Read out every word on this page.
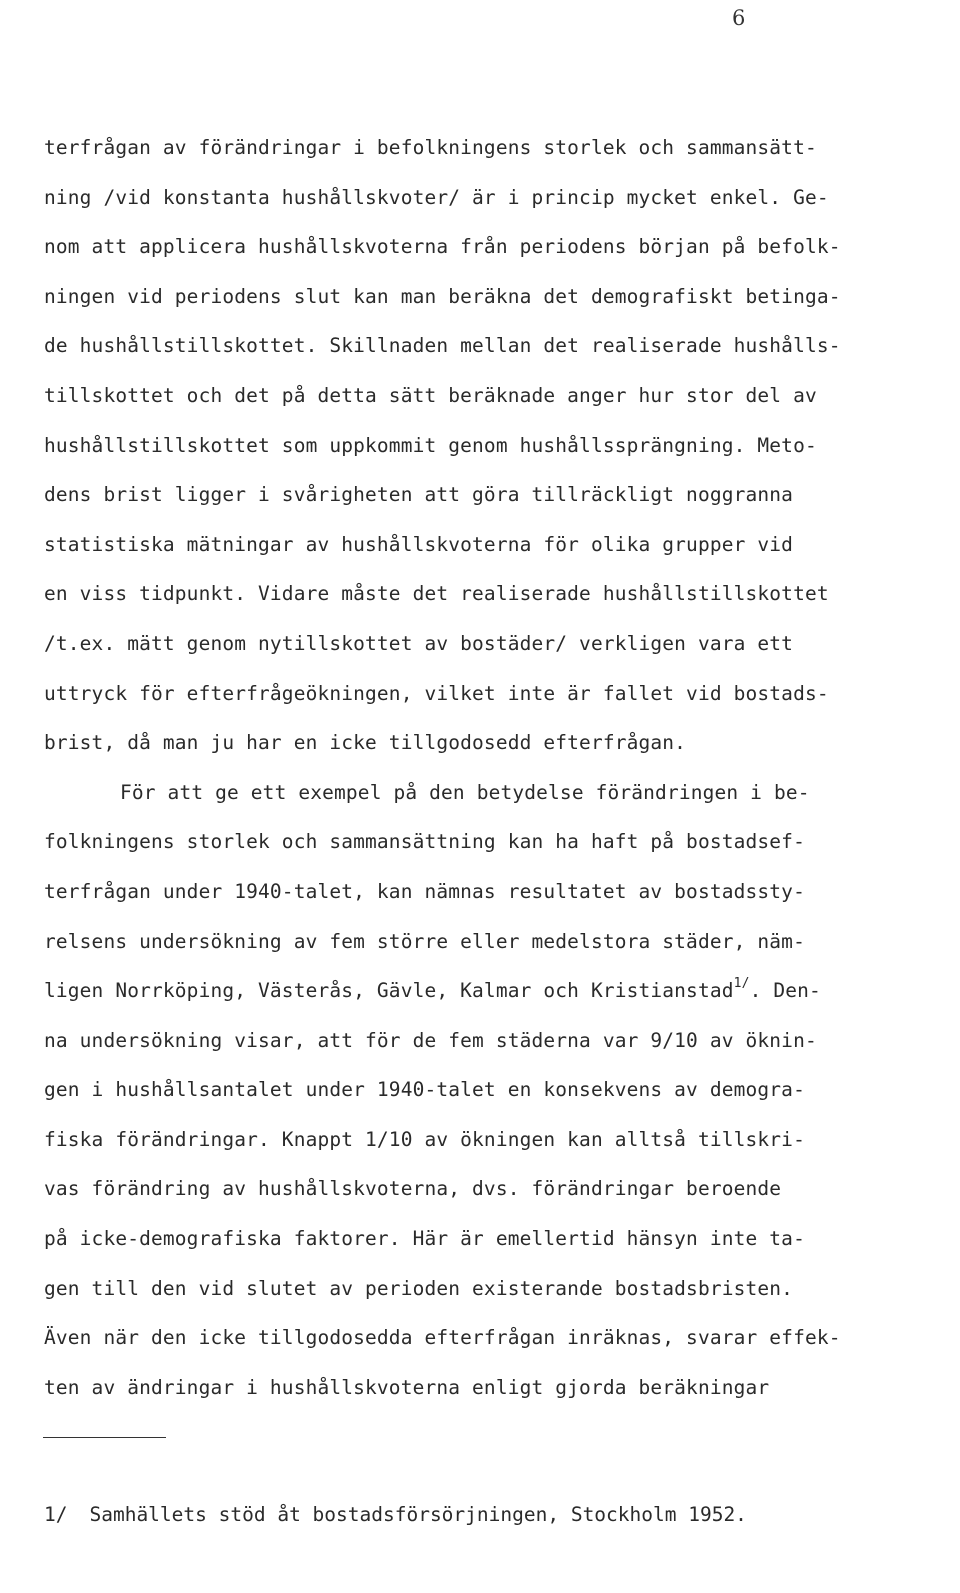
6
terfrågan av förändringar i befolkningens storlek och sammansätt-
ning /vid konstanta hushållskvoter/ är i princip mycket enkel. Ge-
nom att applicera hushållskvoterna från periodens början på befolk-
ningen vid periodens slut kan man beräkna det demografiskt betinga-
de hushållstillskottet. Skillnaden mellan det realiserade hushålls-
tillskottet och det på detta sätt beräknade anger hur stor del av
hushållstillskottet som uppkommit genom hushållssprängning. Meto-
dens brist ligger i svårigheten att göra tillräckligt noggranna
statistiska mätningar av hushållskvoterna för olika grupper vid
en viss tidpunkt. Vidare måste det realiserade hushållstillskottet
/t.ex. mätt genom nytillskottet av bostäder/ verkligen vara ett
uttryck för efterfrågeökningen, vilket inte är fallet vid bostads-
brist, då man ju har en icke tillgodosedd efterfrågan.
För att ge ett exempel på den betydelse förändringen i be-
folkningens storlek och sammansättning kan ha haft på bostadsef-
terfrågan under 1940-talet, kan nämnas resultatet av bostadssty-
relsens undersökning av fem större eller medelstora städer, näm-
ligen Norrköping, Västerås, Gävle, Kalmar och Kristianstad$^{1/}$. Den-
na undersökning visar, att för de fem städerna var 9/10 av öknin-
gen i hushållsantalet under 1940-talet en konsekvens av demogra-
fiska förändringar. Knappt 1/10 av ökningen kan alltså tillskri-
vas förändring av hushållskvoterna, dvs. förändringar beroende
på icke-demografiska faktorer. Här är emellertid hänsyn inte ta-
gen till den vid slutet av perioden existerande bostadsbristen.
Även när den icke tillgodosedda efterfrågan inräknas, svarar effek-
ten av ändringar i hushållskvoterna enligt gjorda beräkningar
1/ Samhällets stöd åt bostadsförsörjningen, Stockholm 1952.
